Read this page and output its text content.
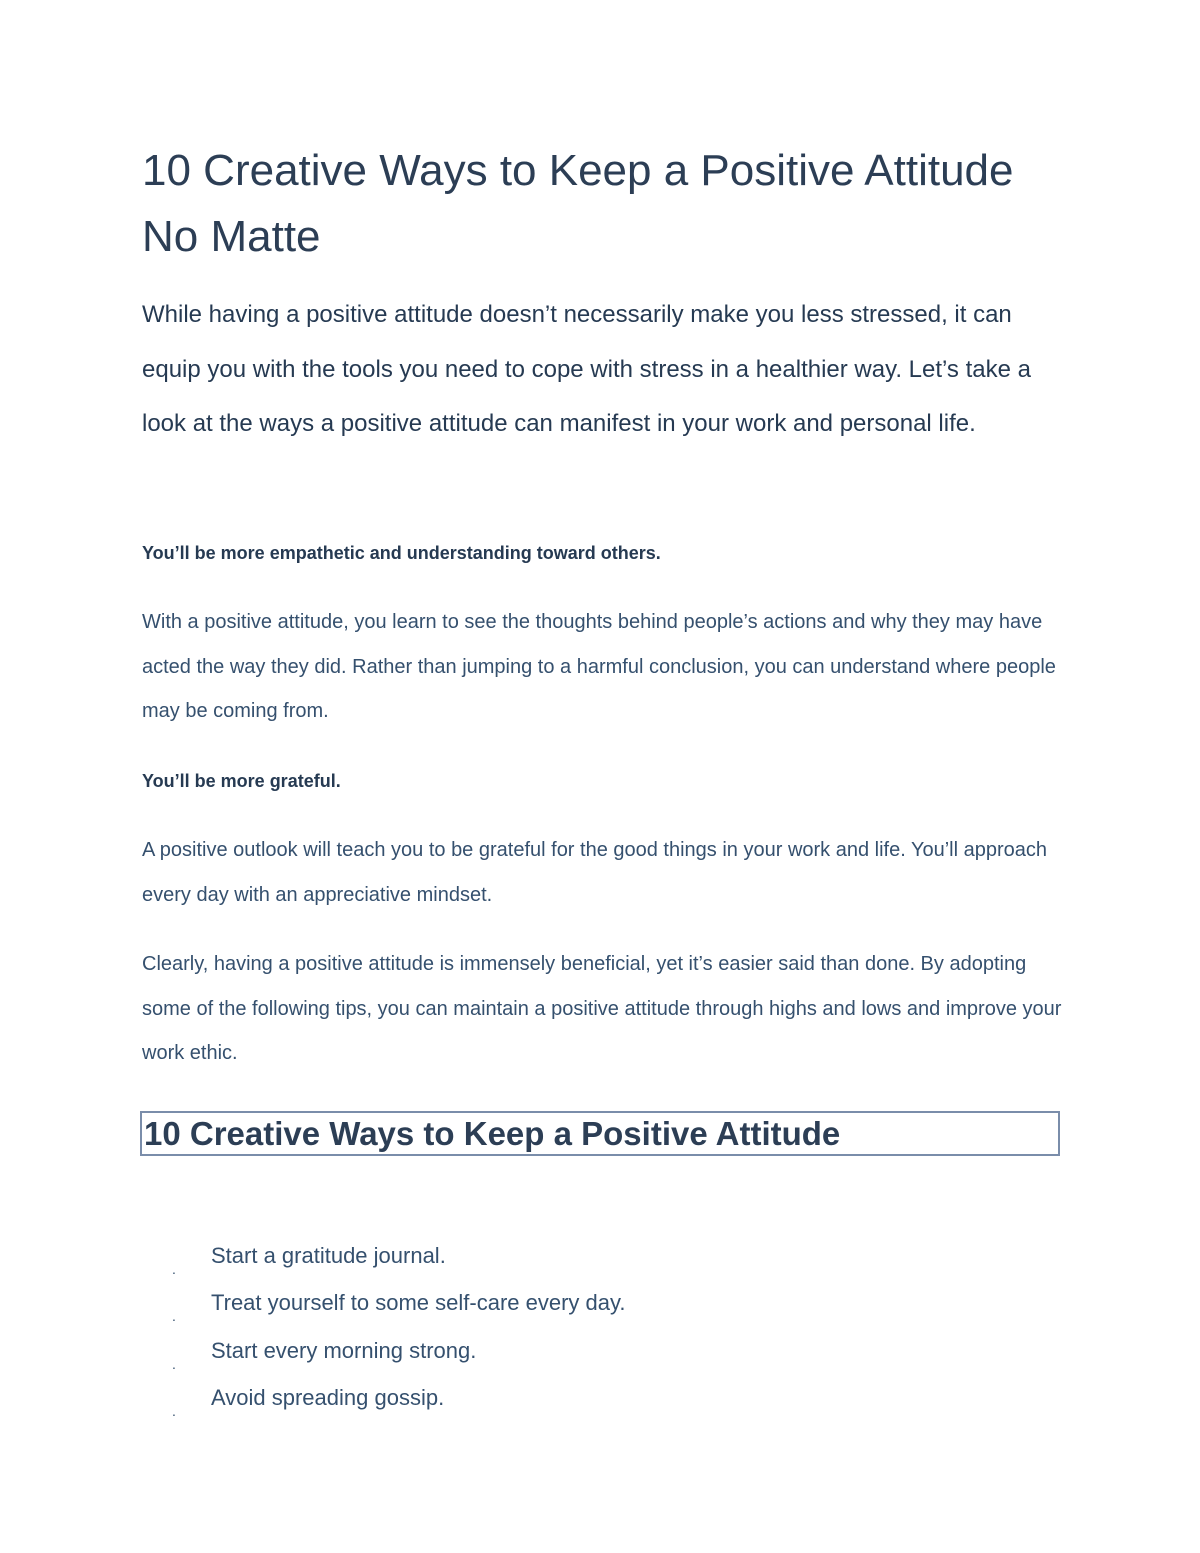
10 Creative Ways to Keep a Positive Attitude No Matte

While having a positive attitude doesn’t necessarily make you less stressed, it can equip you with the tools you need to cope with stress in a healthier way. Let’s take a look at the ways a positive attitude can manifest in your work and personal life.

You’ll be more empathetic and understanding toward others.

With a positive attitude, you learn to see the thoughts behind people’s actions and why they may have acted the way they did. Rather than jumping to a harmful conclusion, you can understand where people may be coming from.

You’ll be more grateful.

A positive outlook will teach you to be grateful for the good things in your work and life. You’ll approach every day with an appreciative mindset.

Clearly, having a positive attitude is immensely beneficial, yet it’s easier said than done. By adopting some of the following tips, you can maintain a positive attitude through highs and lows and improve your work ethic.

10 Creative Ways to Keep a Positive Attitude
.
Start a gratitude journal.
.
Treat yourself to some self-care every day.
.
Start every morning strong.
.
Avoid spreading gossip.
